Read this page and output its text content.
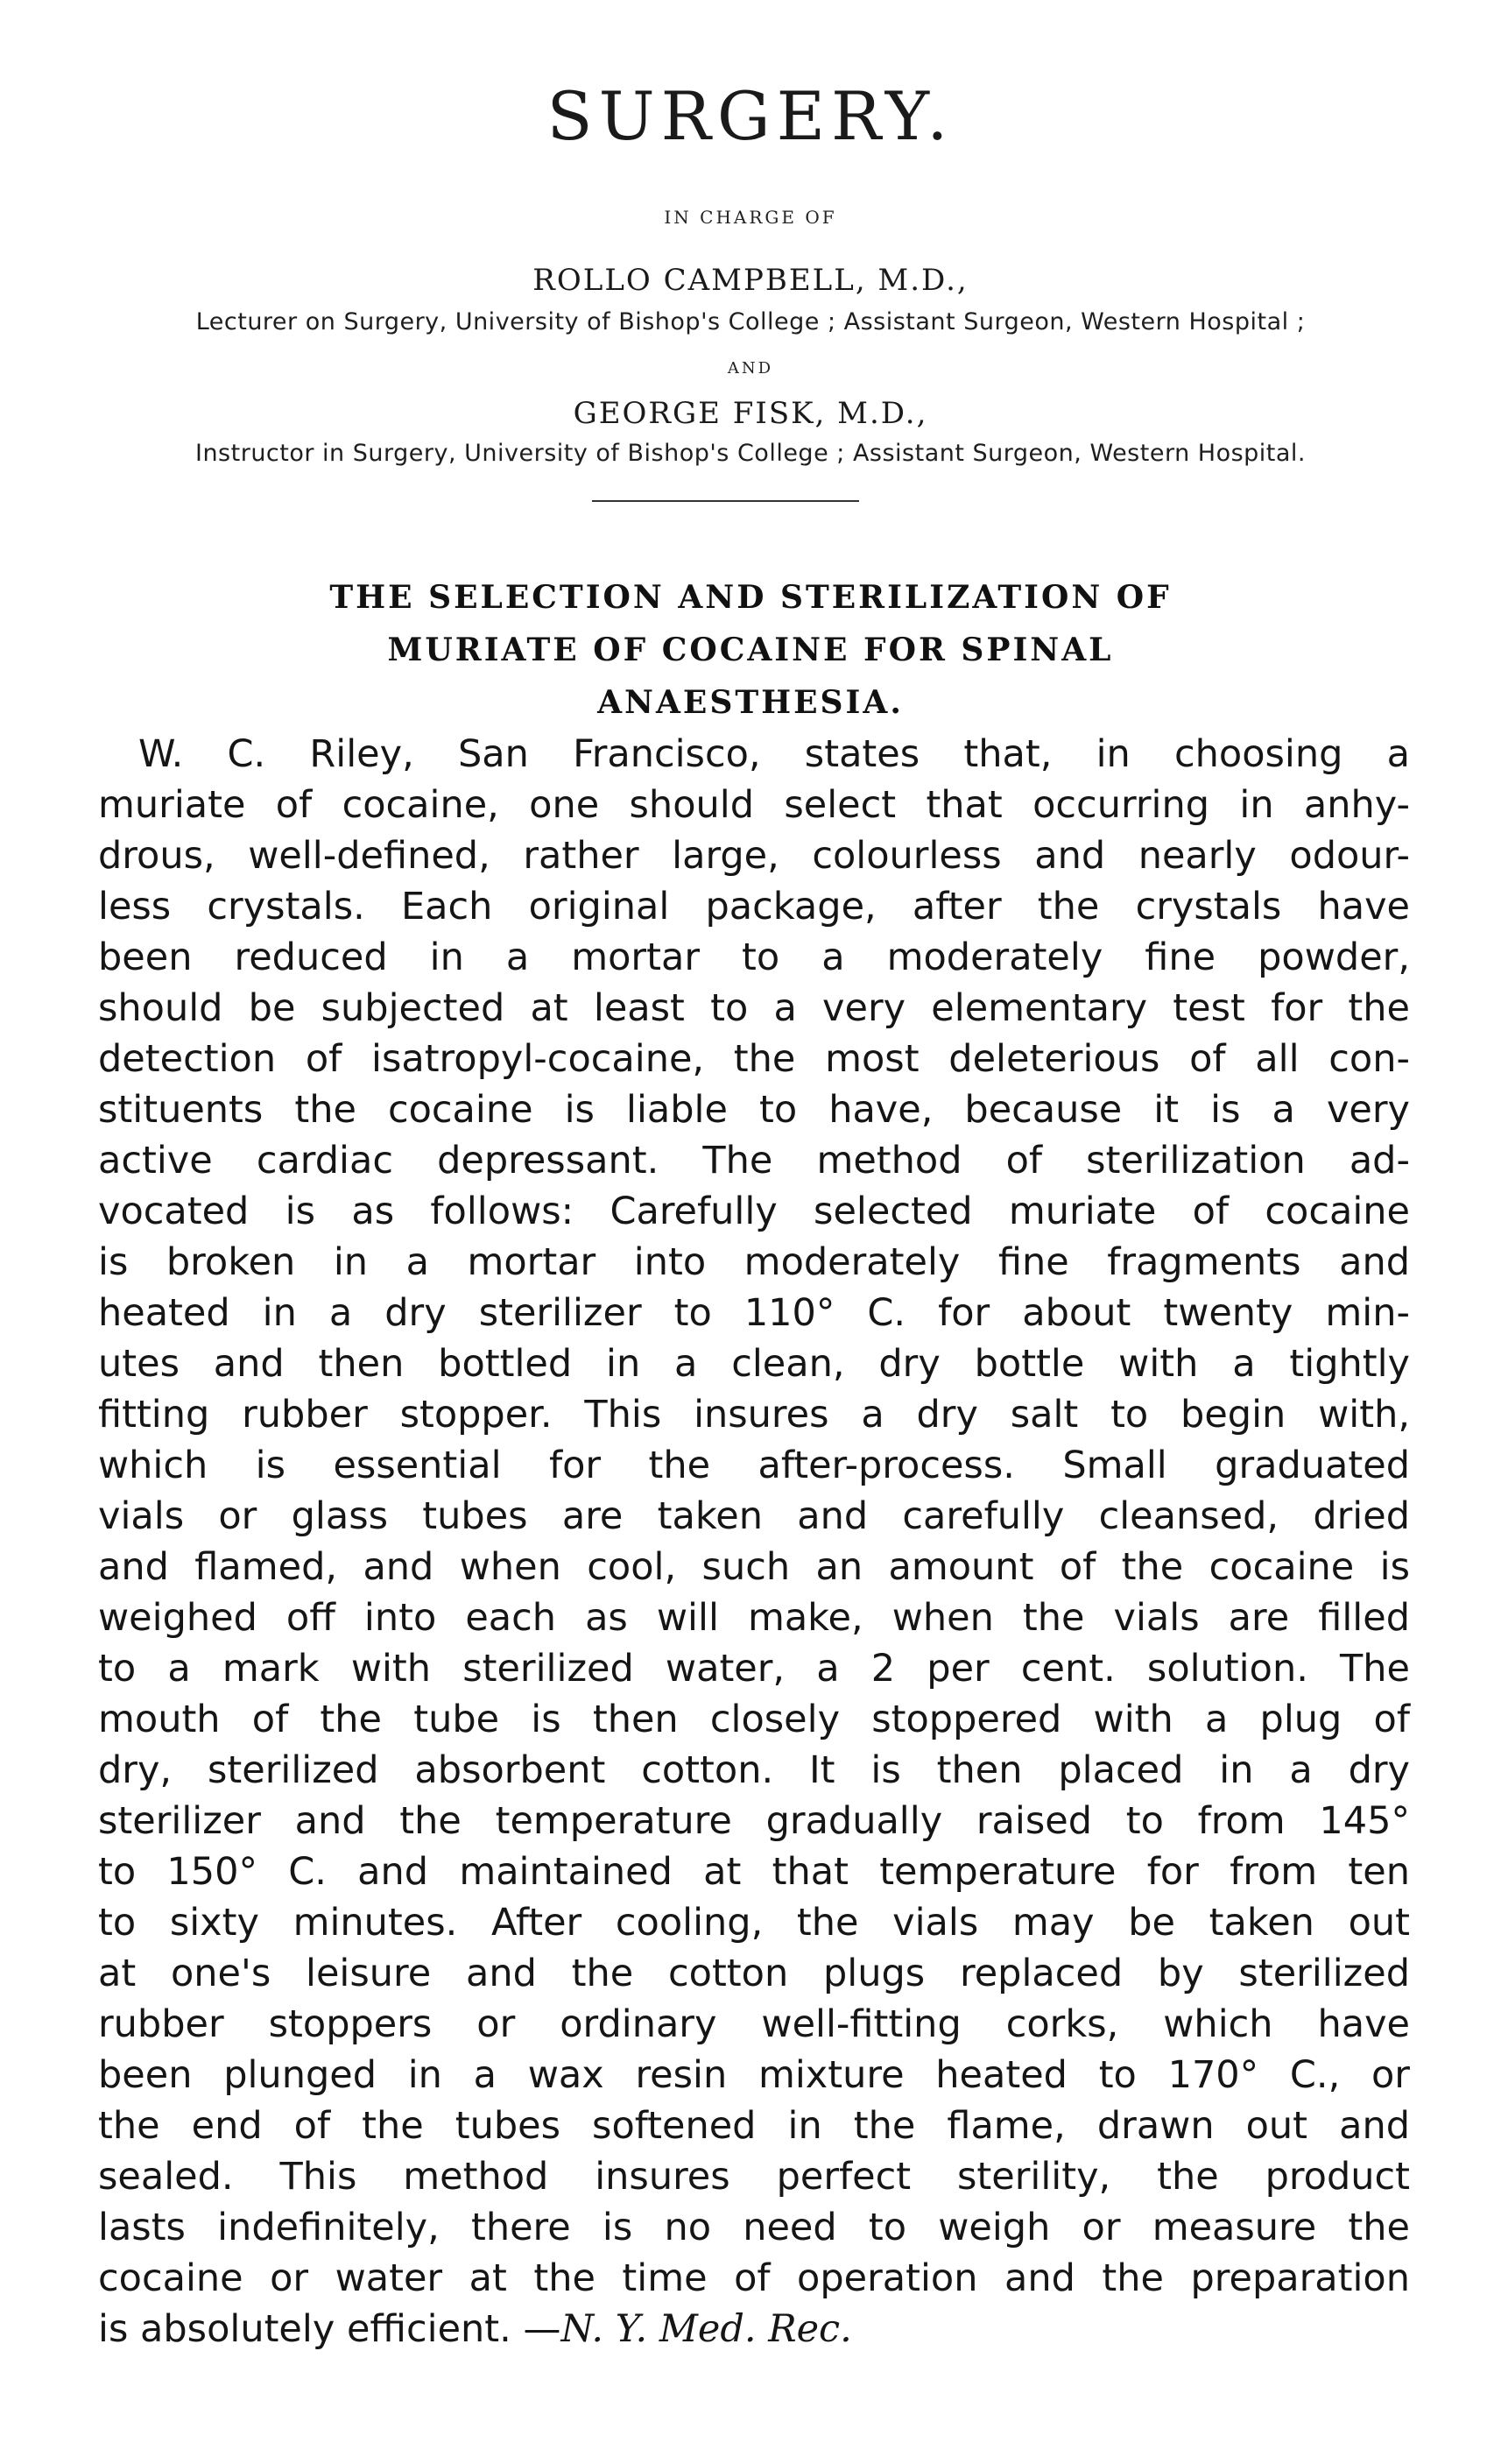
SURGERY.
IN CHARGE OF
ROLLO CAMPBELL, M.D.,
Lecturer on Surgery, University of Bishop's College ; Assistant Surgeon, Western Hospital ;
AND
GEORGE FISK, M.D.,
Instructor in Surgery, University of Bishop's College ; Assistant Surgeon, Western Hospital.
THE SELECTION AND STERILIZATION OF
MURIATE OF COCAINE FOR SPINAL
ANAESTHESIA.
W. C. Riley, San Francisco, states that, in choosing a
muriate of cocaine, one should select that occurring in anhy-
drous, well-defined, rather large, colourless and nearly odour-
less crystals. Each original package, after the crystals have
been reduced in a mortar to a moderately fine powder,
should be subjected at least to a very elementary test for the
detection of isatropyl-cocaine, the most deleterious of all con-
stituents the cocaine is liable to have, because it is a very
active cardiac depressant. The method of sterilization ad-
vocated is as follows: Carefully selected muriate of cocaine
is broken in a mortar into moderately fine fragments and
heated in a dry sterilizer to 110° C. for about twenty min-
utes and then bottled in a clean, dry bottle with a tightly
fitting rubber stopper. This insures a dry salt to begin with,
which is essential for the after-process. Small graduated
vials or glass tubes are taken and carefully cleansed, dried
and flamed, and when cool, such an amount of the cocaine is
weighed off into each as will make, when the vials are filled
to a mark with sterilized water, a 2 per cent. solution. The
mouth of the tube is then closely stoppered with a plug of
dry, sterilized absorbent cotton. It is then placed in a dry
sterilizer and the temperature gradually raised to from 145°
to 150° C. and maintained at that temperature for from ten
to sixty minutes. After cooling, the vials may be taken out
at one's leisure and the cotton plugs replaced by sterilized
rubber stoppers or ordinary well-fitting corks, which have
been plunged in a wax resin mixture heated to 170° C., or
the end of the tubes softened in the flame, drawn out and
sealed. This method insures perfect sterility, the product
lasts indefinitely, there is no need to weigh or measure the
cocaine or water at the time of operation and the preparation
is absolutely efficient. —N. Y. Med. Rec.
